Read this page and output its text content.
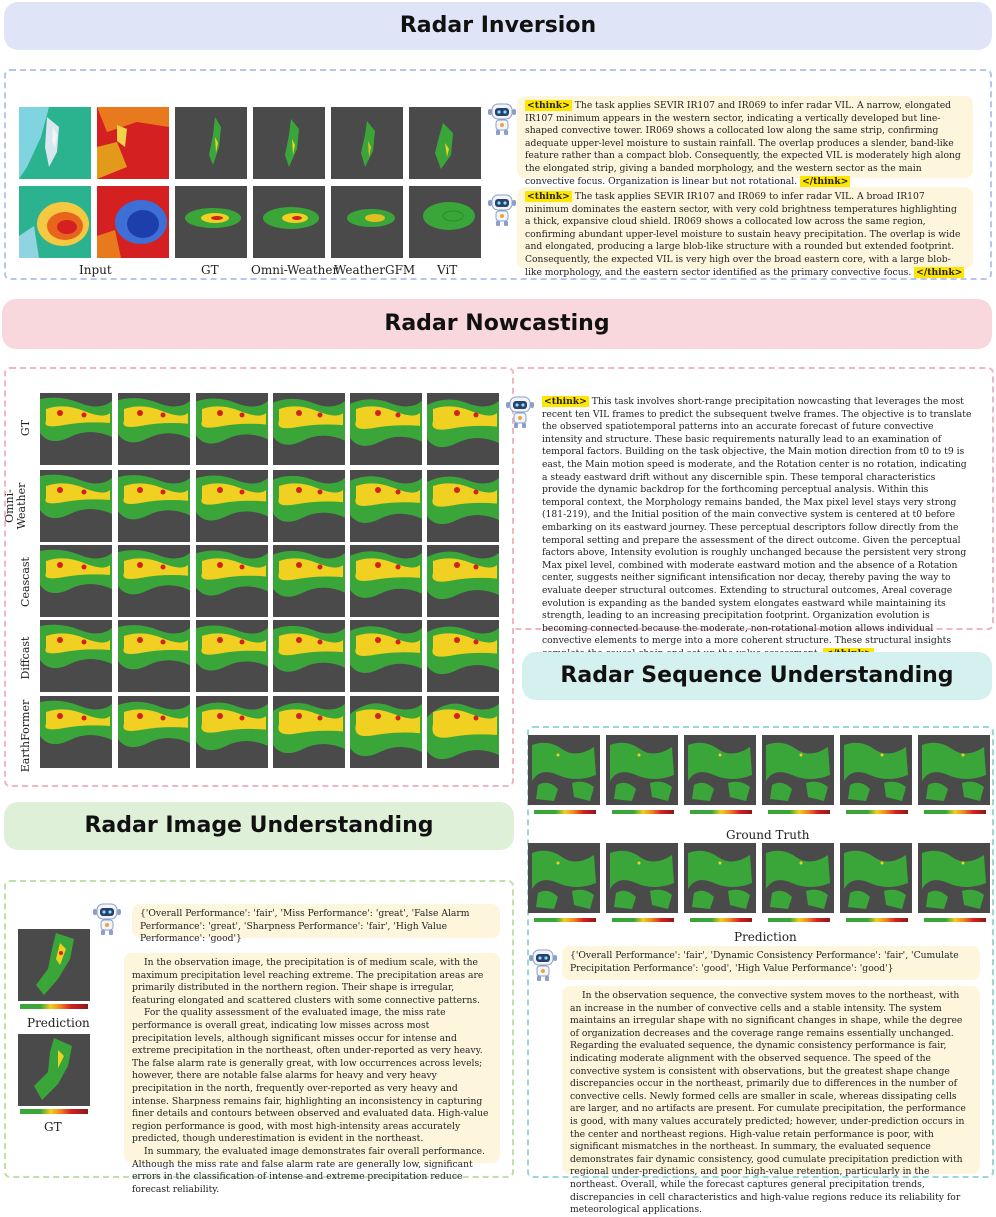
Radar Inversion
Input	GT	Omni-Weather
WeatherGFM ViT
<think> The task applies SEVIR IR107 and IR069 to infer radar VIL. A narrow, elongated IR107 minimum appears in the western sector, indicating a vertically developed but line-shaped convective tower. IR069 shows a collocated low along the same strip, confirming adequate upper-level moisture to sustain rainfall. The overlap produces a slender, band-like feature rather than a compact blob. Consequently, the expected VIL is moderately high along the elongated strip, giving a banded morphology, and the western sector as the main convective focus. Organization is linear but not rotational. </think>
<think> The task applies SEVIR IR107 and IR069 to infer radar VIL. A broad IR107 minimum dominates the eastern sector, with very cold brightness temperatures highlighting a thick, expansive cloud shield. IR069 shows a collocated low across the same region, confirming abundant upper-level moisture to sustain heavy precipitation. The overlap is wide and elongated, producing a large blob-like structure with a rounded but extended footprint. Consequently, the expected VIL is very high over the broad eastern core, with a large blob-like morphology, and the eastern sector identified as the primary convective focus. </think>
Radar Nowcasting
GT
Omni-
Weather
Ceascast
Diffcast
EarthFormer
<think> This task involves short-range precipitation nowcasting that leverages the most recent ten VIL frames to predict the subsequent twelve frames. The objective is to translate the observed spatiotemporal patterns into an accurate forecast of future convective intensity and structure. These basic requirements naturally lead to an examination of temporal factors. Building on the task objective, the Main motion direction from t0 to t9 is east, the Main motion speed is moderate, and the Rotation center is no rotation, indicating a steady eastward drift without any discernible spin. These temporal characteristics provide the dynamic backdrop for the forthcoming perceptual analysis. Within this temporal context, the Morphology remains banded, the Max pixel level stays very strong (181-219), and the Initial position of the main convective system is centered at t0 before embarking on its eastward journey. These perceptual descriptors follow directly from the temporal setting and prepare the assessment of the direct outcome. Given the perceptual factors above, Intensity evolution is roughly unchanged because the persistent very strong Max pixel level, combined with moderate eastward motion and the absence of a Rotation center, suggests neither significant intensification nor decay, thereby paving the way to evaluate deeper structural outcomes. Extending to structural outcomes, Areal coverage evolution is expanding as the banded system elongates eastward while maintaining its strength, leading to an increasing precipitation footprint. Organization evolution is becoming connected because the moderate, non-rotational motion allows individual convective elements to merge into a more coherent structure. These structural insights
Radar Sequence Understanding
Ground Truth
Prediction
{'Overall Performance': 'fair', 'Dynamic Consistency Performance': 'fair', 'Cumulate Precipitation Performance': 'good', 'High Value Performance': 'good'}

In the observation sequence, the convective system moves to the northeast, with an increase in the number of convective cells and a stable intensity. The system maintains an irregular shape with no significant changes in shape, while the degree of organization decreases and the coverage range remains essentially unchanged. Regarding the evaluated sequence, the dynamic consistency performance is fair, indicating moderate alignment with the observed sequence. The speed of the convective system is consistent with observations, but the greatest shape change discrepancies occur in the northeast, primarily due to differences in the number of convective cells. Newly formed cells are smaller in scale, whereas dissipating cells are larger, and no artifacts are present. For cumulate precipitation, the performance is good, with many values accurately predicted; however, under-prediction occurs in the center and northeast regions. High-value retain performance is poor, with significant mismatches in the northeast. In summary, the evaluated sequence demonstrates fair dynamic consistency, good cumulate precipitation prediction with regional under-predictions, and poor high-value retention, particularly in the northeast. Overall, while the forecast captures general precipitation trends, discrepancies in cell characteristics and high-value regions reduce its reliability for meteorological applications.

Radar Image Understanding
Prediction
GT
{'Overall Performance': 'fair', 'Miss Performance': 'great', 'False Alarm Performance': 'great', 'Sharpness Performance': 'fair', 'High Value Performance': 'good'}

In the observation image, the precipitation is of medium scale, with the maximum precipitation level reaching extreme. The precipitation areas are primarily distributed in the northern region. Their shape is irregular, featuring elongated and scattered clusters with some connective patterns.

For the quality assessment of the evaluated image, the miss rate performance is overall great, indicating low misses across most precipitation levels, although significant misses occur for intense and extreme precipitation in the northeast, often under-reported as very heavy. The false alarm rate is generally great, with low occurrences across levels; however, there are notable false alarms for heavy and very heavy precipitation in the north, frequently over-reported as very heavy and intense. Sharpness remains fair, highlighting an inconsistency in capturing finer details and contours between observed and evaluated data. High-value region performance is good, with most high-intensity areas accurately predicted, though underestimation is evident in the northeast.

In summary, the evaluated image demonstrates fair overall performance. Although the miss rate and false alarm rate are generally low, significant errors in the classification of intense and extreme precipitation reduce forecast reliability.
